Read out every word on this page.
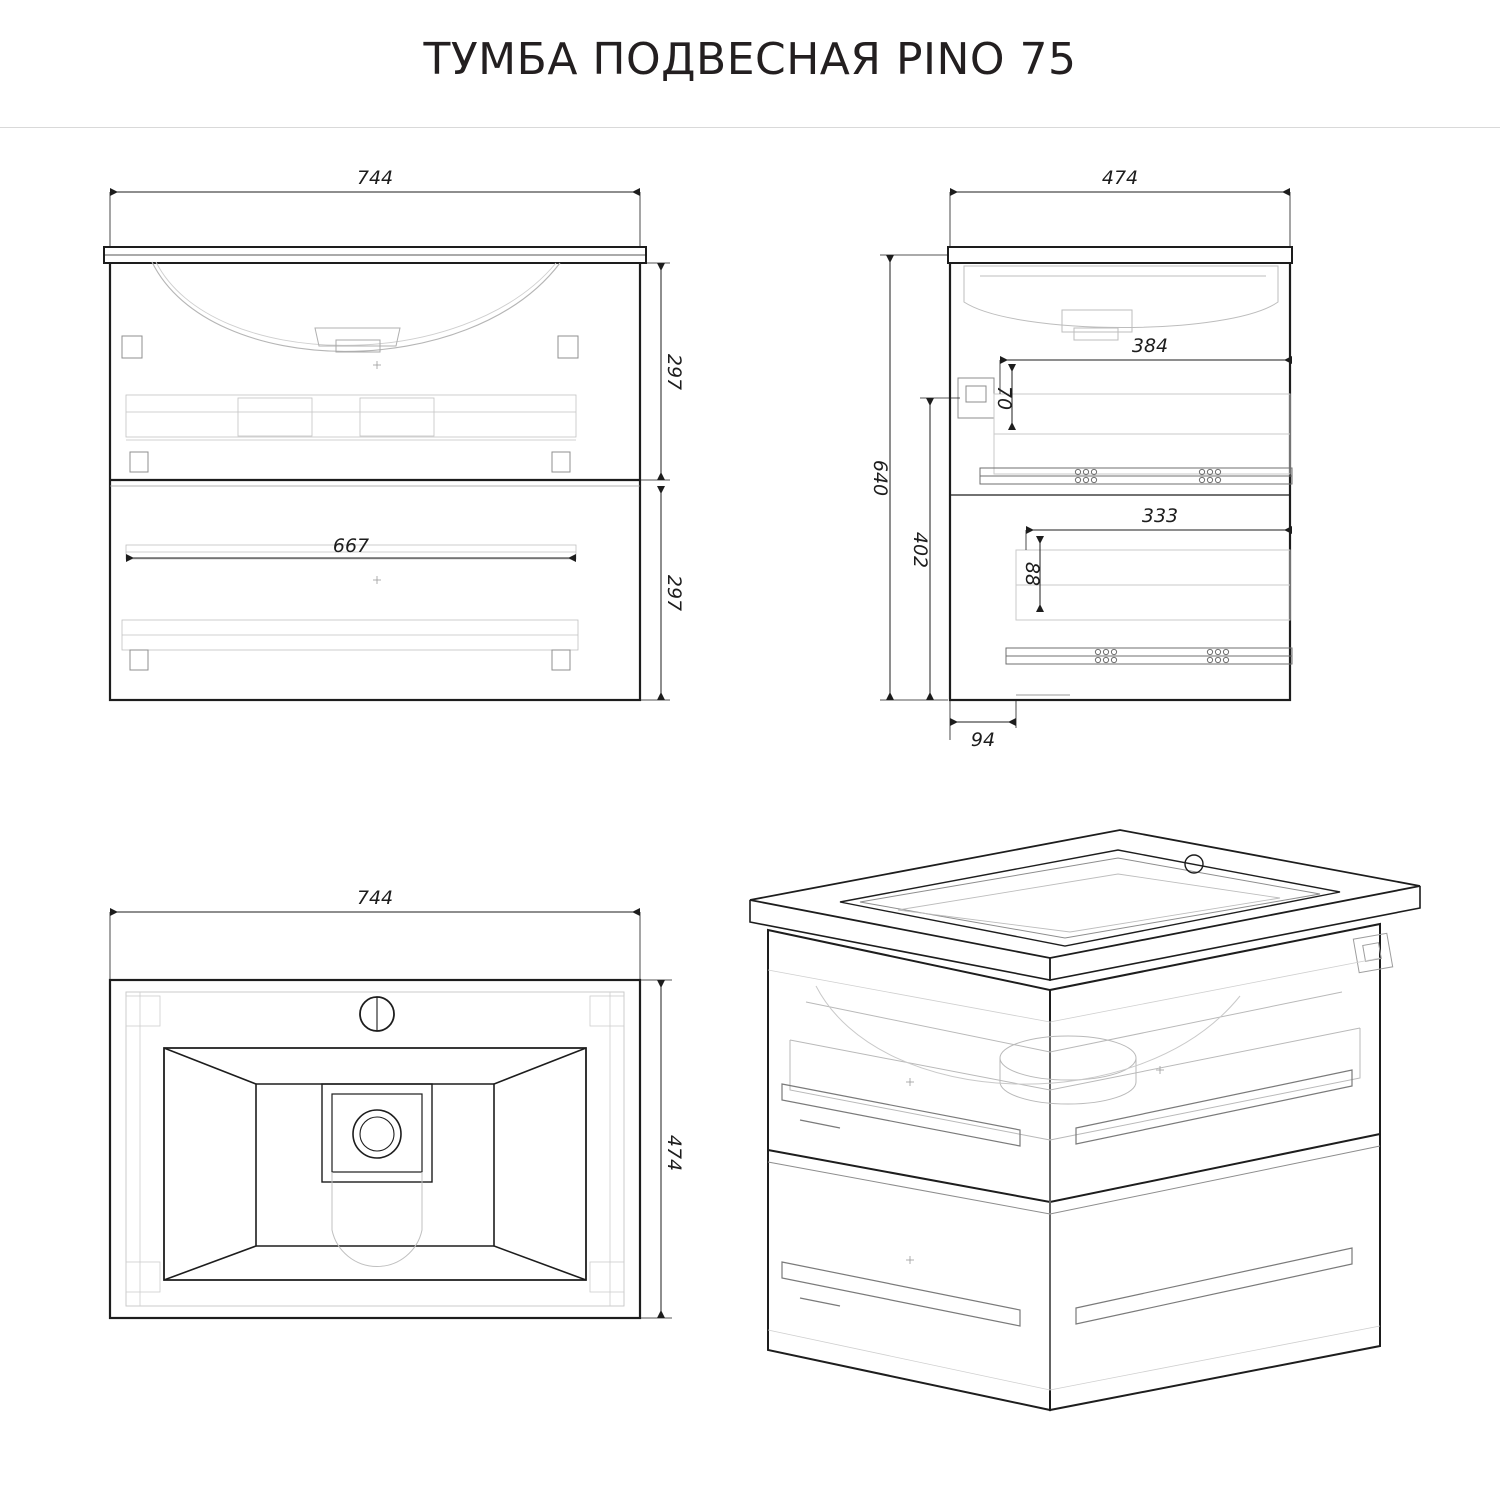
ТУМБА ПОДВЕСНАЯ PINO 75
744
667
297
297
474
640
402
384
70
333
88
94
744
474
